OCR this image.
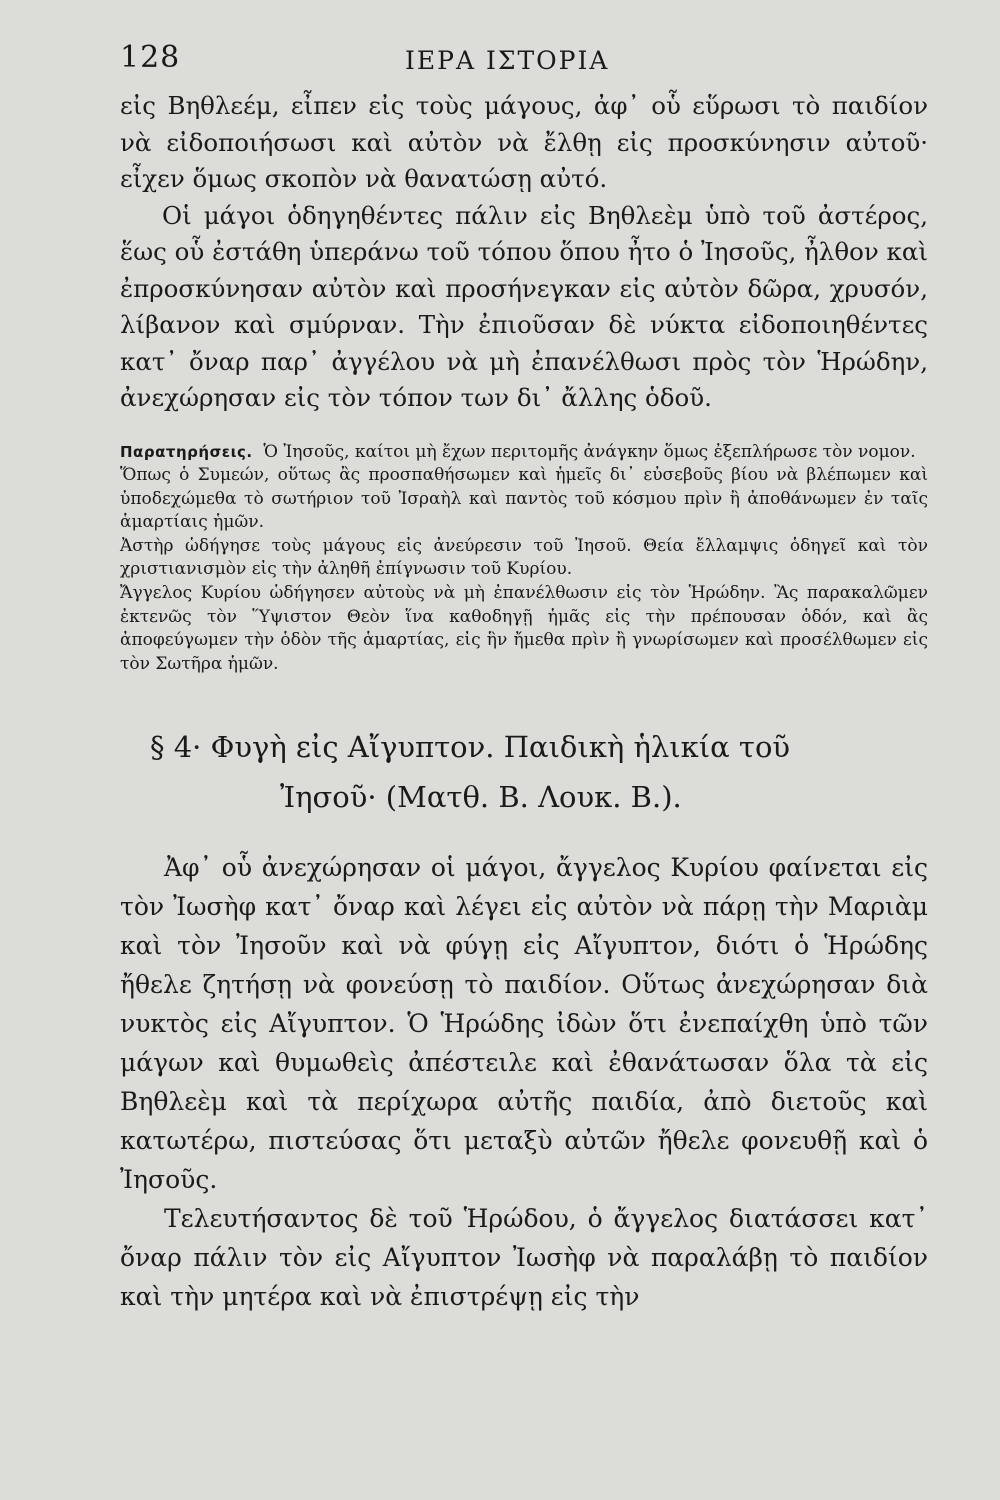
128	ΙΕΡΑ ΙΣΤΟΡΙΑ

εἰς Βηθλεέμ, εἶπεν εἰς τοὺς μάγους, ἀφ᾽ οὗ εὕρωσι τὸ παιδίον νὰ εἰδοποιήσωσι καὶ αὐτὸν νὰ ἔλθῃ εἰς προσκύνησιν αὐτοῦ· εἶχεν ὅμως σκοπὸν νὰ θανατώσῃ αὐτό.

Οἱ μάγοι ὁδηγηθέντες πάλιν εἰς Βηθλεὲμ ὑπὸ τοῦ ἀστέρος, ἕως οὗ ἐστάθη ὑπεράνω τοῦ τόπου ὅπου ἦτο ὁ Ἰησοῦς, ἦλθον καὶ ἐπροσκύνησαν αὐτὸν καὶ προσήνεγκαν εἰς αὐτὸν δῶρα, χρυσόν, λίβανον καὶ σμύρναν. Τὴν ἐπιοῦσαν δὲ νύκτα εἰδοποιηθέντες κατ᾽ ὄναρ παρ᾽ ἀγγέλου νὰ μὴ ἐπανέλθωσι πρὸς τὸν Ἡρώδην, ἀνεχώρησαν εἰς τὸν τόπον των δι᾽ ἄλλης ὁδοῦ.

Παρατηρήσεις. Ὁ Ἰησοῦς, καίτοι μὴ ἔχων περιτομῆς ἀνάγκην ὅμως ἐξεπλήρωσε τὸν νομον.

Ὅπως ὁ Συμεών, οὕτως ἂς προσπαθήσωμεν καὶ ἡμεῖς δι᾽ εὐσεβοῦς βίου νὰ βλέπωμεν καὶ ὑποδεχώμεθα τὸ σωτήριον τοῦ Ἰσραὴλ καὶ παντὸς τοῦ κόσμου πρὶν ἢ ἀποθάνωμεν ἐν ταῖς ἁμαρτίαις ἡμῶν.

Ἀστὴρ ὡδήγησε τοὺς μάγους εἰς ἀνεύρεσιν τοῦ Ἰησοῦ. Θεία ἔλλαμψις ὁδηγεῖ καὶ τὸν χριστιανισμὸν εἰς τὴν ἀληθῆ ἐπίγνωσιν τοῦ Κυρίου.

Ἄγγελος Κυρίου ὡδήγησεν αὐτοὺς νὰ μὴ ἐπανέλθωσιν εἰς τὸν Ἡρώδην. Ἂς παρακαλῶμεν ἐκτενῶς τὸν Ὕψιστον Θεὸν ἵνα καθοδηγῇ ἡμᾶς εἰς τὴν πρέπουσαν ὁδόν, καὶ ἂς ἀποφεύγωμεν τὴν ὁδὸν τῆς ἁμαρτίας, εἰς ἣν ἤμεθα πρὶν ἢ γνωρίσωμεν καὶ προσέλθωμεν εἰς τὸν Σωτῆρα ἡμῶν.

§ 4· Φυγὴ εἰς Αἴγυπτον. Παιδικὴ ἡλικία τοῦ
Ἰησοῦ· (Ματθ. Β. Λουκ. Β.).

Ἀφ᾽ οὗ ἀνεχώρησαν οἱ μάγοι, ἄγγελος Κυρίου φαίνεται εἰς τὸν Ἰωσὴφ κατ᾽ ὄναρ καὶ λέγει εἰς αὐτὸν νὰ πάρῃ τὴν Μαριὰμ καὶ τὸν Ἰησοῦν καὶ νὰ φύγῃ εἰς Αἴγυπτον, διότι ὁ Ἡρώδης ἤθελε ζητήσῃ νὰ φονεύσῃ τὸ παιδίον. Οὕτως ἀνεχώρησαν διὰ νυκτὸς εἰς Αἴγυπτον. Ὁ Ἡρώδης ἰδὼν ὅτι ἐνεπαίχθη ὑπὸ τῶν μάγων καὶ θυμωθεὶς ἀπέστειλε καὶ ἐθανάτωσαν ὅλα τὰ εἰς Βηθλεὲμ καὶ τὰ περίχωρα αὐτῆς παιδία, ἀπὸ διετοῦς καὶ κατωτέρω, πιστεύσας ὅτι μεταξὺ αὐτῶν ἤθελε φονευθῇ καὶ ὁ Ἰησοῦς.

Τελευτήσαντος δὲ τοῦ Ἡρώδου, ὁ ἄγγελος διατάσσει κατ᾽ ὄναρ πάλιν τὸν εἰς Αἴγυπτον Ἰωσὴφ νὰ παραλάβῃ τὸ παιδίον καὶ τὴν μητέρα καὶ νὰ ἐπιστρέψῃ εἰς τὴν
